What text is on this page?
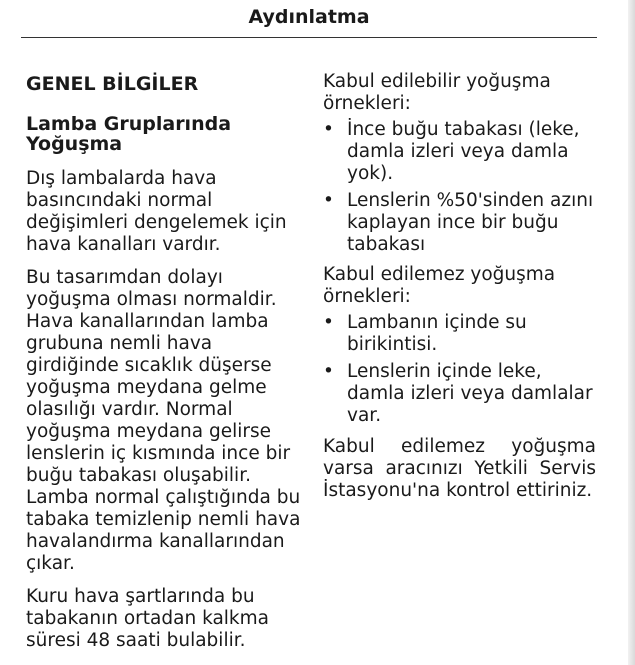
Aydınlatma
GENEL BİLGİLER
Lamba Gruplarında Yoğuşma

Dış lambalarda hava basıncındaki normal değişimleri dengelemek için hava kanalları vardır.

Bu tasarımdan dolayı yoğuşma olması normaldir. Hava kanallarından lamba grubuna nemli hava girdiğinde sıcaklık düşerse yoğuşma meydana gelme olasılığı vardır. Normal yoğuşma meydana gelirse lenslerin iç kısmında ince bir buğu tabakası oluşabilir. Lamba normal çalıştığında bu tabaka temizlenip nemli hava havalandırma kanallarından çıkar.

Kuru hava şartlarında bu tabakanın ortadan kalkma süresi 48 saati bulabilir.

Kabul edilebilir yoğuşma örnekleri:

• İnce buğu tabakası (leke, damla izleri veya damla yok).
• Lenslerin %50'sinden azını kaplayan ince bir buğu tabakası

Kabul edilemez yoğuşma örnekleri:

• Lambanın içinde su birikintisi.
• Lenslerin içinde leke, damla izleri veya damlalar var.

Kabul edilemez yoğuşma varsa aracınızı Yetkili Servis İstasyonu'na kontrol ettiriniz.
